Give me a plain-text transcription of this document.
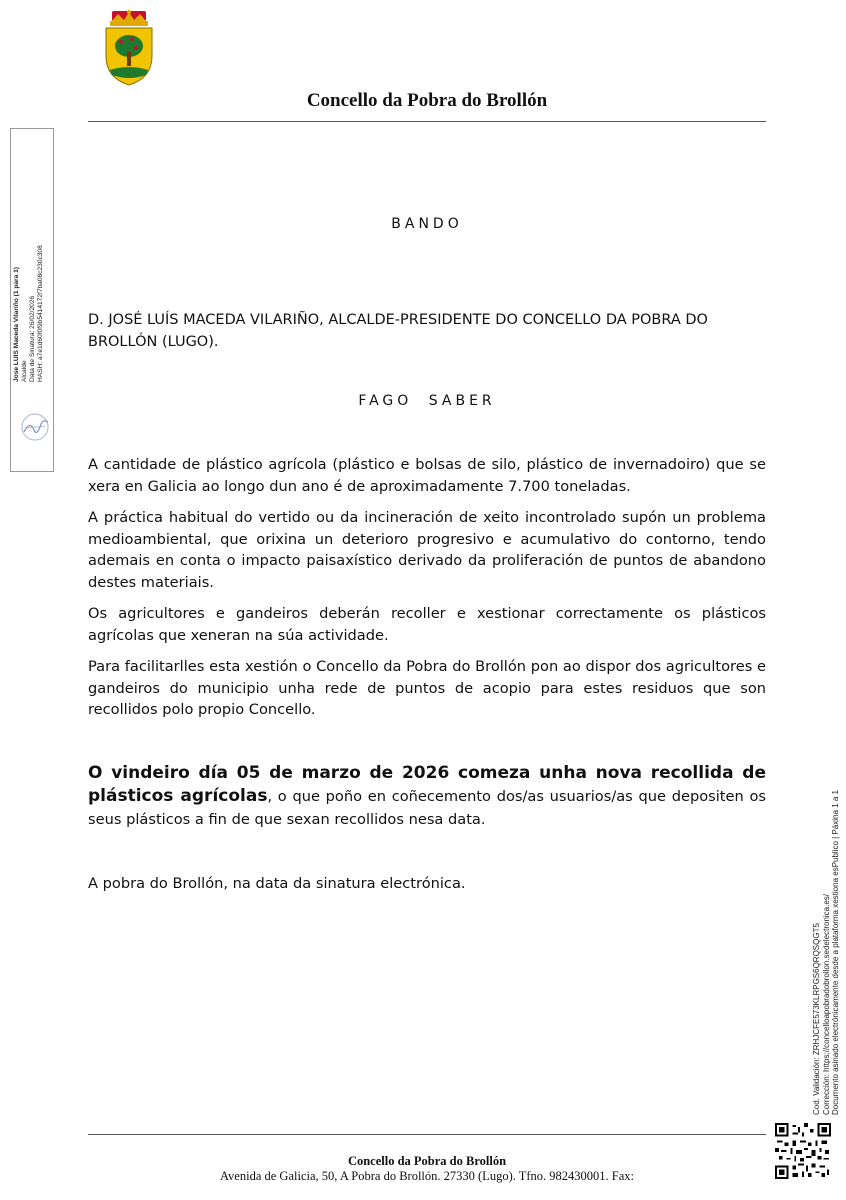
Concello da Pobra do Brollón
Jose LUIS Maceda Vilariño (1 para 1) Alcalde Data de Sinatura: 26/02/2026 HASH: a7e1d60f0f9b5414172f7ba08c230c308
BANDO
D. JOSÉ LUÍS MACEDA VILARIÑO, ALCALDE-PRESIDENTE DO CONCELLO DA POBRA DO BROLLÓN (LUGO).
FAGO SABER

A cantidade de plástico agrícola (plástico e bolsas de silo, plástico de invernadoiro) que se xera en Galicia ao longo dun ano é de aproximadamente 7.700 toneladas.

A práctica habitual do vertido ou da incineración de xeito incontrolado supón un problema medioambiental, que orixina un deterioro progresivo e acumulativo do contorno, tendo ademais en conta o impacto paisaxístico derivado da proliferación de puntos de abandono destes materiais.

Os agricultores e gandeiros deberán recoller e xestionar correctamente os plásticos agrícolas que xeneran na súa actividade.

Para facilitarlles esta xestión o Concello da Pobra do Brollón pon ao dispor dos agricultores e gandeiros do municipio unha rede de puntos de acopio para estes residuos que son recollidos polo propio Concello.

O vindeiro día 05 de marzo de 2026 comeza unha nova recollida de plásticos agrícolas, o que poño en coñecemento dos/as usuarios/as que depositen os seus plásticos a fin de que sexan recollidos nesa data.
A pobra do Brollón, na data da sinatura electrónica.
Cod. Validación: ZRHJCFE573KLRPGS6QRQSQGT5 Corrección: https://concelloapobradobrollon.sedelectronica.es/ Documento asinado electrónicamente desde a plataforma xestiona esPublico | Páxina 1 a 1
Concello da Pobra do Brollón
Avenida de Galicia, 50, A Pobra do Brollón. 27330 (Lugo). Tfno. 982430001. Fax:
